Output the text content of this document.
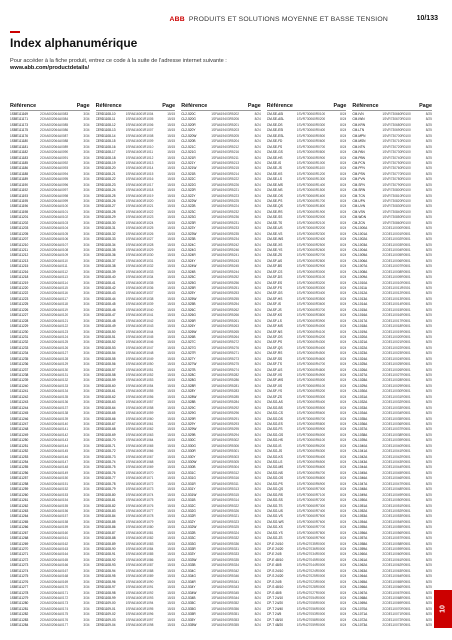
ABB PRODUITS ET SOLUTIONS MOYENNE ET BASSE TENSION	10/133
Index alphanumérique
Pour accéder à la fiche produit, entrez ce code à la suite de l'adresse internet suivante :
www.abb.com/productdetails/
Référence	Page
1SBE111169	2CKA002064A0083	3/34
1SBE111171	2CKA002064A0084	3/34
1SBE111173	2CKA002064A0085	3/34
1SBE111175	2CKA002064A0086	3/34
1SBE111176	2CKA002064A0087	3/34
1SBE111180	2CKA002064A0088	3/34
1SBE111181	2CKA002064A0089	3/34
1SBE111182	2CKA002064A0090	3/34
1SBE111183	2CKA002064A0091	3/34
1SBE111185	2CKA002064A0092	3/34
1SBE111186	2CKA002064A0093	3/34
1SBE111188	2CKA002064A0094	3/34
1SBE111189	2CKA002064A0095	3/34
1SBE111190	2CKA002064A0096	3/34
1SBE111192	2CKA002064A0097	3/34
1SBE111193	2CKA002064A0098	3/34
1SBE111195	2CKA002064A0099	3/34
1SBE111196	2CKA002064A0100	3/34
1SBE111198	2CKA002064A0101	3/34
1SBE111201	2CKA002064A0102	3/34
1SBE111202	2CKA002064A0103	3/34
1SBE111203	2CKA002064A0104	3/34
1SBE111205	2CKA002064A0105	3/34
1SBE111207	2CKA002064A0106	3/34
1SBE111210	2CKA002064A0107	3/34
1SBE111211	2CKA002064A0108	3/34
1SBE111212	2CKA002064A0109	3/34
1SBE111213	2CKA002064A0110	3/34
1SBE111215	2CKA002064A0111	3/34
1SBE111216	2CKA002064A0112	3/34
1SBE111218	2CKA002064A0113	3/34
1SBE111219	2CKA002064A0114	3/34
1SBE111220	2CKA002064A0115	3/34
1SBE111222	2CKA002064A0116	3/34
1SBE111223	2CKA002064A0117	3/34
1SBE111225	2CKA002064A0118	3/34
1SBE111226	2CKA002064A0119	3/34
1SBE111227	2CKA002064A0120	3/34
1SBE111228	2CKA002064A0121	3/34
1SBE111229	2CKA002064A0122	3/34
1SBE111230	2CKA002064A0123	3/34
1SBE111231	2CKA002064A0124	3/34
1SBE111232	2CKA002064A0125	3/34
1SBE111233	2CKA002064A0126	3/34
1SBE111234	2CKA002064A0127	3/34
1SBE111235	2CKA002064A0128	3/34
1SBE111236	2CKA002064A0129	3/34
1SBE111237	2CKA002064A0130	3/34
1SBE111238	2CKA002064A0131	3/34
1SBE111239	2CKA002064A0132	3/34
1SBE111240	2CKA002064A0133	3/34
1SBE111241	2CKA002064A0134	3/34
1SBE111242	2CKA002064A0135	3/34
1SBE111243	2CKA002064A0136	3/34
1SBE111244	2CKA002064A0137	3/34
1SBE111245	2CKA002064A0138	3/34
1SBE111246	2CKA002064A0139	3/34
1SBE111247	2CKA002064A0140	3/34
1SBE111248	2CKA002064A0141	3/34
1SBE111249	2CKA002064A0142	3/34
1SBE111250	2CKA002064A0143	3/34
1SBE111251	2CKA002064A0144	3/34
1SBE111252	2CKA002064A0145	3/34
1SBE111253	2CKA002064A0146	3/34
1SBE111254	2CKA002064A0147	3/34
1SBE111255	2CKA002064A0148	3/34
1SBE111256	2CKA002064A0149	3/34
1SBE111257	2CKA002064A0150	3/34
1SBE111258	2CKA002064A0151	3/34
1SBE111259	2CKA002064A0152	3/34
1SBE111260	2CKA002064A0153	3/34
1SBE111261	2CKA002064A0154	3/34
1SBE111262	2CKA002064A0155	3/34
1SBE111263	2CKA002064A0156	3/34
1SBE111264	2CKA002064A0157	3/34
1SBE111265	2CKA002064A0158	3/34
1SBE111266	2CKA002064A0159	3/34
1SBE111267	2CKA002064A0160	3/34
1SBE111268	2CKA002064A0161	3/34
1SBE111269	2CKA002064A0162	3/34
1SBE111270	2CKA002064A0163	3/34
1SBE111271	2CKA002064A0164	3/34
1SBE111272	2CKA002064A0165	3/34
1SBE111273	2CKA002064A0166	3/34
1SBE111274	2CKA002064A0167	3/34
1SBE111275	2CKA002064A0168	3/34
1SBE111276	2CKA002064A0169	3/34
1SBE111277	2CKA002064A0170	3/34
1SBE111278	2CKA002064A0171	3/34
1SBE111279	2CKA002064A0172	3/34
1SBE111280	2CKA002064A0173	3/34
1SBE111281	2CKA002064A0174	3/34
1SBE111282	2CKA002064A0175	3/34
1SBE111283	2CKA002064A0176	3/34
1SBE111284	2CKA002064A0177	3/34
Référence	Page
CE9D1108-10	1SFA616001R1004	15/15
CE9D1108-11	1SFA616001R1005	15/15
CE9D1108-12	1SFA616001R1006	15/15
CE9D1108-13	1SFA616001R1007	15/15
CE9D1108-14	1SFA616001R1008	15/15
CE9D1108-15	1SFA616001R1009	15/15
CE9D1108-16	1SFA616001R1010	15/15
CE9D1108-17	1SFA616001R1011	15/15
CE9D1108-18	1SFA616001R1012	15/15
CE9D1108-19	1SFA616001R1013	15/15
CE9D1108-20	1SFA616001R1014	15/15
CE9D1108-21	1SFA616001R1015	15/15
CE9D1108-22	1SFA616001R1016	15/15
CE9D1108-23	1SFA616001R1017	15/15
CE9D1108-24	1SFA616001R1018	15/15
CE9D1108-25	1SFA616001R1019	15/15
CE9D1108-26	1SFA616001R1020	15/15
CE9D1108-27	1SFA616001R1021	15/15
CE9D1108-28	1SFA616001R1022	15/15
CE9D1108-29	1SFA616001R1023	15/15
CE9D1108-30	1SFA616001R1024	15/15
CE9D1108-31	1SFA616001R1025	15/15
CE9D1108-32	1SFA616001R1026	15/15
CE9D1108-33	1SFA616001R1027	15/15
CE9D1108-34	1SFA616001R1028	15/15
CE9D1108-35	1SFA616001R1029	15/15
CE9D1108-36	1SFA616001R1030	15/15
CE9D1108-37	1SFA616001R1031	15/15
CE9D1108-38	1SFA616001R1032	15/15
CE9D1108-39	1SFA616001R1033	15/15
CE9D1108-40	1SFA616001R1034	15/15
CE9D1108-41	1SFA616001R1035	15/15
CE9D1108-42	1SFA616001R1036	15/15
CE9D1108-43	1SFA616001R1037	15/15
CE9D1108-44	1SFA616001R1038	15/15
CE9D1108-45	1SFA616001R1039	15/15
CE9D1108-46	1SFA616001R1040	15/15
CE9D1108-47	1SFA616001R1041	15/15
CE9D1108-48	1SFA616001R1042	15/15
CE9D1108-49	1SFA616001R1043	15/15
CE9D1108-50	1SFA616001R1044	15/15
CE9D1108-51	1SFA616001R1045	15/15
CE9D1108-52	1SFA616001R1046	15/15
CE9D1108-53	1SFA616001R1047	15/15
CE9D1108-54	1SFA616001R1048	15/15
CE9D1108-55	1SFA616001R1049	15/15
CE9D1108-56	1SFA616001R1050	15/15
CE9D1108-57	1SFA616001R1051	15/15
CE9D1108-58	1SFA616001R1052	15/15
CE9D1108-59	1SFA616001R1053	15/15
CE9D1108-60	1SFA616001R1054	15/15
CE9D1108-61	1SFA616001R1055	15/15
CE9D1108-62	1SFA616001R1056	15/15
CE9D1108-63	1SFA616001R1057	15/15
CE9D1108-64	1SFA616001R1058	15/15
CE9D1108-65	1SFA616001R1059	15/15
CE9D1108-66	1SFA616001R1060	15/15
CE9D1108-67	1SFA616001R1061	15/15
CE9D1108-68	1SFA616001R1062	15/15
CE9D1108-69	1SFA616001R1063	15/15
CE9D1108-70	1SFA616001R1064	15/15
CE9D1108-71	1SFA616001R1065	15/15
CE9D1108-72	1SFA616001R1066	15/15
CE9D1108-73	1SFA616001R1067	15/15
CE9D1108-74	1SFA616001R1068	15/15
CE9D1108-75	1SFA616001R1069	15/15
CE9D1108-76	1SFA616001R1070	15/15
CE9D1108-77	1SFA616001R1071	15/15
CE9D1108-78	1SFA616001R1072	15/15
CE9D1108-79	1SFA616001R1073	15/15
CE9D1108-80	1SFA616001R1074	15/15
CE9D1108-81	1SFA616001R1075	15/15
CE9D1108-82	1SFA616001R1076	15/15
CE9D1108-83	1SFA616001R1077	15/15
CE9D1108-84	1SFA616001R1078	15/15
CE9D1108-85	1SFA616001R1079	15/15
CE9D1108-86	1SFA616001R1080	15/15
CE9D1108-87	1SFA616001R1081	15/15
CE9D1108-88	1SFA616001R1082	15/15
CE9D1108-89	1SFA616001R1083	15/15
CE9D1108-90	1SFA616001R1084	15/15
CE9D1108-91	1SFA616001R1085	15/15
CE9D1108-92	1SFA616001R1086	15/15
CE9D1108-93	1SFA616001R1087	15/15
CE9D1108-94	1SFA616001R1088	15/15
CE9D1108-95	1SFA616001R1089	15/15
CE9D1108-96	1SFA616001R1090	15/15
CE9D1108-97	1SFA616001R1091	15/15
CE9D1108-98	1SFA616001R1092	15/15
CE9D1108-99	1SFA616001R1093	15/15
CE9D1109-00	1SFA616001R1094	15/15
CE9D1109-01	1SFA616001R1095	15/15
CE9D1109-02	1SFA616001R1096	15/15
CE9D1109-03	1SFA616001R1097	15/15
CE9D1109-04	1SFA616001R1098	15/15
Référence	Page
CL2-520C	1SFA619403R5202	8/24
CL2-520G	1SFA619403R5206	8/24
CL2-520R	1SFA619403R5201	8/24
CL2-520Y	1SFA619403R5203	8/24
CL2-520W	1SFA619403R5205	8/24
CL2-520B	1SFA619403R5204	8/24
CL2-521C	1SFA619403R5212	8/24
CL2-521G	1SFA619403R5216	8/24
CL2-521R	1SFA619403R5211	8/24
CL2-521Y	1SFA619403R5213	8/24
CL2-521W	1SFA619403R5215	8/24
CL2-521B	1SFA619403R5214	8/24
CL2-522C	1SFA619403R5222	8/24
CL2-522G	1SFA619403R5226	8/24
CL2-522R	1SFA619403R5221	8/24
CL2-522Y	1SFA619403R5223	8/24
CL2-522W	1SFA619403R5225	8/24
CL2-522B	1SFA619403R5224	8/24
CL2-523C	1SFA619403R5232	8/24
CL2-523G	1SFA619403R5236	8/24
CL2-523R	1SFA619403R5231	8/24
CL2-523Y	1SFA619403R5233	8/24
CL2-523W	1SFA619403R5235	8/24
CL2-523B	1SFA619403R5234	8/24
CL2-524C	1SFA619403R5242	8/24
CL2-524G	1SFA619403R5246	8/24
CL2-524R	1SFA619403R5241	8/24
CL2-524Y	1SFA619403R5243	8/24
CL2-524W	1SFA619403R5245	8/24
CL2-524B	1SFA619403R5244	8/24
CL2-525C	1SFA619403R5252	8/24
CL2-525G	1SFA619403R5256	8/24
CL2-525R	1SFA619403R5251	8/24
CL2-525Y	1SFA619403R5253	8/24
CL2-525W	1SFA619403R5255	8/24
CL2-525B	1SFA619403R5254	8/24
CL2-526C	1SFA619403R5262	8/24
CL2-526G	1SFA619403R5266	8/24
CL2-526R	1SFA619403R5261	8/24
CL2-526Y	1SFA619403R5263	8/24
CL2-526W	1SFA619403R5265	8/24
CL2-526B	1SFA619403R5264	8/24
CL2-527C	1SFA619403R5272	8/24
CL2-527G	1SFA619403R5276	8/24
CL2-527R	1SFA619403R5271	8/24
CL2-527Y	1SFA619403R5273	8/24
CL2-527W	1SFA619403R5275	8/24
CL2-527B	1SFA619403R5274	8/24
CL2-528C	1SFA619403R5282	8/24
CL2-528G	1SFA619403R5286	8/24
CL2-528R	1SFA619403R5281	8/24
CL2-528Y	1SFA619403R5283	8/24
CL2-528W	1SFA619403R5285	8/24
CL2-528B	1SFA619403R5284	8/24
CL2-529C	1SFA619403R5292	8/24
CL2-529G	1SFA619403R5296	8/24
CL2-529R	1SFA619403R5291	8/24
CL2-529Y	1SFA619403R5293	8/24
CL2-529W	1SFA619403R5295	8/24
CL2-529B	1SFA619403R5294	8/24
CL2-530C	1SFA619403R5302	8/24
CL2-530G	1SFA619403R5306	8/24
CL2-530R	1SFA619403R5301	8/24
CL2-530Y	1SFA619403R5303	8/24
CL2-530W	1SFA619403R5305	8/24
CL2-530B	1SFA619403R5304	8/24
CL2-531C	1SFA619403R5312	8/24
CL2-531G	1SFA619403R5316	8/24
CL2-531R	1SFA619403R5311	8/24
CL2-531Y	1SFA619403R5313	8/24
CL2-531W	1SFA619403R5315	8/24
CL2-531B	1SFA619403R5314	8/24
CL2-532C	1SFA619403R5322	8/24
CL2-532G	1SFA619403R5326	8/24
CL2-532R	1SFA619403R5321	8/24
CL2-532Y	1SFA619403R5323	8/24
CL2-532W	1SFA619403R5325	8/24
CL2-532B	1SFA619403R5324	8/24
CL2-533C	1SFA619403R5332	8/24
CL2-533G	1SFA619403R5336	8/24
CL2-533R	1SFA619403R5331	8/24
CL2-533Y	1SFA619403R5333	8/24
CL2-533W	1SFA619403R5335	8/24
CL2-533B	1SFA619403R5334	8/24
CL2-534C	1SFA619403R5342	8/24
CL2-534G	1SFA619403R5346	8/24
CL2-534R	1SFA619403R5341	8/24
CL2-534Y	1SFA619403R5343	8/24
CL2-534W	1SFA619403R5345	8/24
CL2-534B	1SFA619403R5344	8/24
CL2-535C	1SFA619403R5352	8/24
CL2-535G	1SFA619403R5356	8/24
CL2-535R	1SFA619403R5351	8/24
CL2-535Y	1SFA619403R5353	8/24
CL2-535W	1SFA619403R5355	8/24
Référence	Page
CM-SE-ASI	1SVR730060R0100	8/24
CM-SE-ASL	1SVR730060R0200	8/24
CM-SE-DS	1SVR730060R0300	8/24
CM-SE-ESI	1SVR730060R0400	8/24
CM-SE-ESL	1SVR730060R0500	8/24
CM-SE-FD	1SVR730060R0600	8/24
CM-SE-FS	1SVR730060R0700	8/24
CM-SE-GS	1SVR730060R0800	8/24
CM-SE-HS	1SVR730060R0900	8/24
CM-SE-IS	1SVR730060R1000	8/24
CM-SE-JS	1SVR730060R1100	8/24
CM-SE-KS	1SVR730060R1200	8/24
CM-SE-LS	1SVR730060R1300	8/24
CM-SE-MS	1SVR730060R1400	8/24
CM-SE-NS	1SVR730060R1500	8/24
CM-SE-OS	1SVR730060R1600	8/24
CM-SE-PS	1SVR730060R1700	8/24
CM-SE-QS	1SVR730060R1800	8/24
CM-SE-RS	1SVR730060R1900	8/24
CM-SE-SS	1SVR730060R2000	8/24
CM-SE-TS	1SVR730060R2100	8/24
CM-SE-US	1SVR730060R2200	8/24
CM-SE-VS	1SVR730060R2300	8/24
CM-SE-WS	1SVR730060R2400	8/24
CM-SE-XS	1SVR730060R2500	8/24
CM-SE-YS	1SVR730060R2600	8/24
CM-SE-ZS	1SVR730060R2700	8/24
CM-SF-AS	1SVR730060R2800	8/24
CM-SF-BS	1SVR730060R2900	8/24
CM-SF-CS	1SVR730060R3000	8/24
CM-SF-DS	1SVR730060R3100	8/24
CM-SF-ES	1SVR730060R3200	8/24
CM-SF-FS	1SVR730060R3300	8/24
CM-SF-GS	1SVR730060R3400	8/24
CM-SF-HS	1SVR730060R3500	8/24
CM-SF-IS	1SVR730060R3600	8/24
CM-SF-JS	1SVR730060R3700	8/24
CM-SF-KS	1SVR730060R3800	8/24
CM-SF-LS	1SVR730060R3900	8/24
CM-SF-MS	1SVR730060R4000	8/24
CM-SF-NS	1SVR730060R4100	8/24
CM-SF-OS	1SVR730060R4200	8/24
CM-SF-PS	1SVR730060R4300	8/24
CM-SF-QS	1SVR730060R4400	8/24
CM-SF-RS	1SVR730060R4500	8/24
CM-SF-SS	1SVR730060R4600	8/24
CM-SF-TS	1SVR730060R4700	8/24
CM-SF-US	1SVR730060R4800	8/24
CM-SF-VS	1SVR730060R4900	8/24
CM-SF-WS	1SVR730060R5000	8/24
CM-SF-XS	1SVR730060R5100	8/24
CM-SF-YS	1SVR730060R5200	8/24
CM-SF-ZS	1SVR730060R5300	8/24
CM-SG-AS	1SVR730060R5400	8/24
CM-SG-BS	1SVR730060R5500	8/24
CM-SG-CS	1SVR730060R5600	8/24
CM-SG-DS	1SVR730060R5700	8/24
CM-SG-ES	1SVR730060R5800	8/24
CM-SG-FS	1SVR730060R5900	8/24
CM-SG-GS	1SVR730060R6000	8/24
CM-SG-HS	1SVR730060R6100	8/24
CM-SG-IS	1SVR730060R6200	8/24
CM-SG-JS	1SVR730060R6300	8/24
CM-SG-KS	1SVR730060R6400	8/24
CM-SG-LS	1SVR730060R6500	8/24
CM-SG-MS	1SVR730060R6600	8/24
CM-SG-NS	1SVR730060R6700	8/24
CM-SG-OS	1SVR730060R6800	8/24
CM-SG-PS	1SVR730060R6900	8/24
CM-SG-QS	1SVR730060R7000	8/24
CM-SG-RS	1SVR730060R7100	8/24
CM-SG-SS	1SVR730060R7200	8/24
CM-SG-TS	1SVR730060R7300	8/24
CM-SG-US	1SVR730060R7400	8/24
CM-SG-VS	1SVR730060R7500	8/24
CM-SG-WS	1SVR730060R7600	8/24
CM-SG-XS	1SVR730060R7700	8/24
CM-SG-YS	1SVR730060R7800	8/24
CM-SG-ZS	1SVR730060R7900	8/24
CP-E 24/10	1SVR427035R0000	8/24
CP-E 24/20	1SVR427036R0000	8/24
CP-E 24/5	1SVR427034R0000	8/24
CP-E 48/10	1SVR427045R0000	8/24
CP-E 48/5	1SVR427044R0000	8/24
CP-S 24/10	1SVR427024R0000	8/24
CP-S 24/20	1SVR427025R0000	8/24
CP-S 24/5	1SVR427023R0000	8/24
CP-S 48/10	1SVR427028R0000	8/24
CP-S 48/5	1SVR427027R0000	8/24
CP-T 24/10	1SVR427054R0000	8/24
CP-T 24/20	1SVR427055R0000	8/24
CP-T 24/40	1SVR427056R0000	8/24
CP-T 24/5	1SVR427053R0000	8/24
CP-T 48/10	1SVR427058R0000	8/24
CP-T 48/20	1SVR427059R0000	8/24
Référence	Page
CM-IVN	1SVR730660R0100	8/25
CM-IWN	1SVR730670R0100	8/25
CM-KRN	1SVR730680R0100	8/25
CM-LTN	1SVR730690R0100	8/25
CM-MPN	1SVR730700R0100	8/25
CM-MSN	1SVR730710R0100	8/25
CM-NTN	1SVR730720R0100	8/25
CM-PAN	1SVR730730R0100	8/25
CM-PBN	1SVR730740R0100	8/25
CM-PCN	1SVR730750R0100	8/25
CM-PFN	1SVR730760R0100	8/25
CM-PSN	1SVR730770R0100	8/25
CM-PVN	1SVR730780R0100	8/25
CM-SFN	1SVR730790R0100	8/25
CM-SRN	1SVR730800R0100	8/25
CM-TCN	1SVR730810R0100	8/25
CM-UFN	1SVR730820R0100	8/25
CM-UVN	1SVR730830R0100	8/25
CM-VSN	1SVR730840R0100	8/25
CM-WDN	1SVR730850R0100	8/25
CM-ZCN	1SVR730860R0100	8/25
CN-1000A	2CDE110000R0501	8/25
CN-1001A	2CDE110001R0501	8/25
CN-1002A	2CDE110002R0501	8/25
CN-1003A	2CDE110003R0501	8/25
CN-1004A	2CDE110004R0501	8/25
CN-1005A	2CDE110005R0501	8/25
CN-1006A	2CDE110006R0501	8/25
CN-1007A	2CDE110007R0501	8/25
CN-1008A	2CDE110008R0501	8/25
CN-1009A	2CDE110009R0501	8/25
CN-1010A	2CDE110010R0501	8/25
CN-1011A	2CDE110011R0501	8/25
CN-1012A	2CDE110012R0501	8/25
CN-1013A	2CDE110013R0501	8/25
CN-1014A	2CDE110014R0501	8/25
CN-1015A	2CDE110015R0501	8/25
CN-1016A	2CDE110016R0501	8/25
CN-1017A	2CDE110017R0501	8/25
CN-1018A	2CDE110018R0501	8/25
CN-1019A	2CDE110019R0501	8/25
CN-1020A	2CDE110020R0501	8/25
CN-1021A	2CDE110021R0501	8/25
CN-1022A	2CDE110022R0501	8/25
CN-1023A	2CDE110023R0501	8/25
CN-1024A	2CDE110024R0501	8/25
CN-1025A	2CDE110025R0501	8/25
CN-1026A	2CDE110026R0501	8/25
CN-1027A	2CDE110027R0501	8/25
CN-1028A	2CDE110028R0501	8/25
CN-1029A	2CDE110029R0501	8/25
CN-1030A	2CDE110030R0501	8/25
CN-1031A	2CDE110031R0501	8/25
CN-1032A	2CDE110032R0501	8/25
CN-1033A	2CDE110033R0501	8/25
CN-1034A	2CDE110034R0501	8/25
CN-1035A	2CDE110035R0501	8/25
CN-1036A	2CDE110036R0501	8/25
CN-1037A	2CDE110037R0501	8/25
CN-1038A	2CDE110038R0501	8/25
CN-1039A	2CDE110039R0501	8/25
CN-1040A	2CDE110040R0501	8/25
CN-1041A	2CDE110041R0501	8/25
CN-1042A	2CDE110042R0501	8/25
CN-1043A	2CDE110043R0501	8/25
CN-1044A	2CDE110044R0501	8/25
CN-1045A	2CDE110045R0501	8/25
CN-1046A	2CDE110046R0501	8/25
CN-1047A	2CDE110047R0501	8/25
CN-1048A	2CDE110048R0501	8/25
CN-1049A	2CDE110049R0501	8/25
CN-1050A	2CDE110050R0501	8/25
CN-1051A	2CDE110051R0501	8/25
CN-1052A	2CDE110052R0501	8/25
CN-1053A	2CDE110053R0501	8/25
CN-1054A	2CDE110054R0501	8/25
CN-1055A	2CDE110055R0501	8/25
CN-1056A	2CDE110056R0501	8/25
CN-1057A	2CDE110057R0501	8/25
CN-1058A	2CDE110058R0501	8/25
CN-1059A	2CDE110059R0501	8/25
CN-1060A	2CDE110060R0501	8/25
CN-1061A	2CDE110061R0501	8/25
CN-1062A	2CDE110062R0501	8/25
CN-1063A	2CDE110063R0501	8/25
CN-1064A	2CDE110064R0501	8/25
CN-1065A	2CDE110065R0501	8/25
CN-1066A	2CDE110066R0501	8/25
CN-1067A	2CDE110067R0501	8/25
CN-1068A	2CDE110068R0501	8/25
CN-1069A	2CDE110069R0501	8/25
CN-1070A	2CDE110070R0501	8/25
CN-1071A	2CDE110071R0501	8/25
CN-1072A	2CDE110072R0501	8/25
CN-1073A	2CDE110073R0501	8/25
10
